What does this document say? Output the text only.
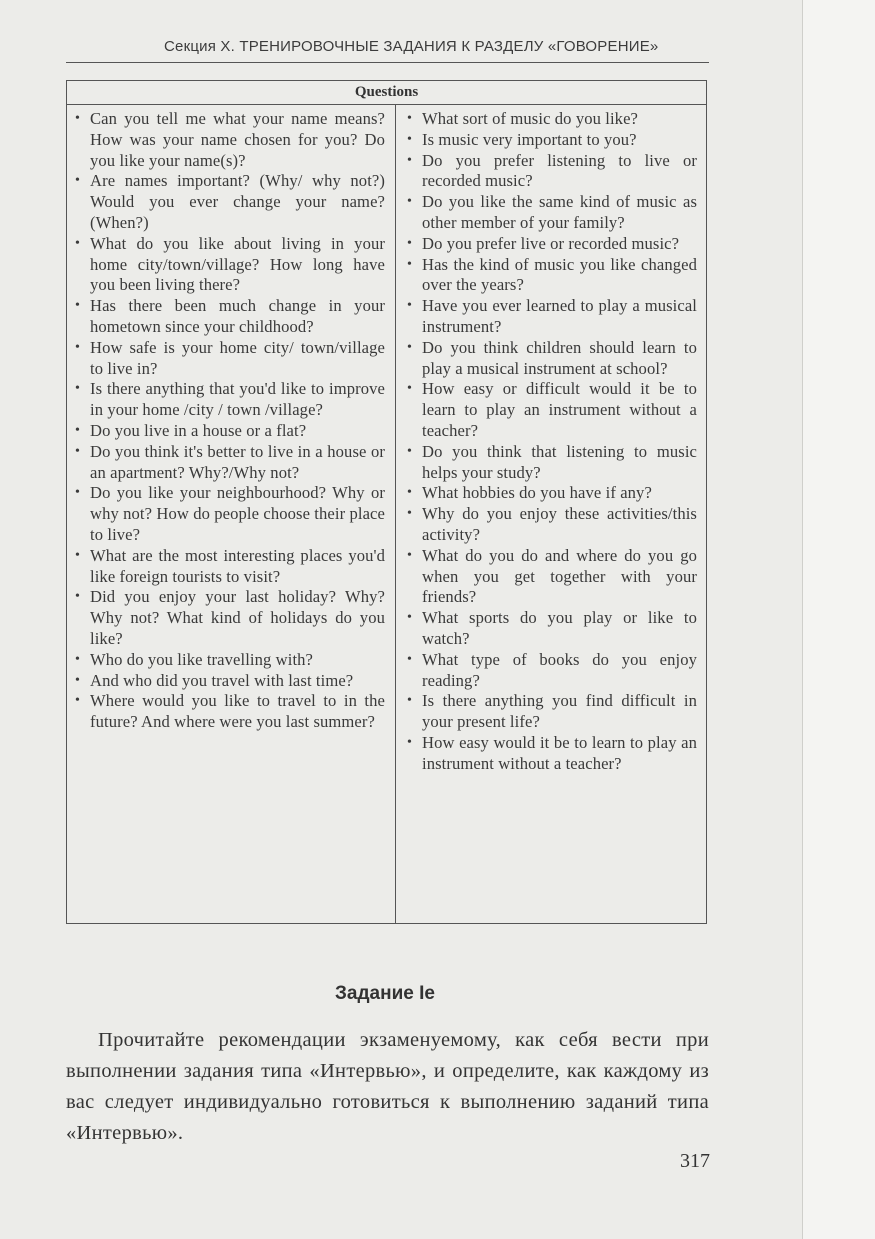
Секция X. ТРЕНИРОВОЧНЫЕ ЗАДАНИЯ К РАЗДЕЛУ «ГОВОРЕНИЕ»
Questions
• Can you tell me what your name means? How was your name chosen for you? Do you like your name(s)?
• Are names important? (Why/ why not?) Would you ever change your name? (When?)
• What do you like about living in your home city/town/village? How long have you been living there?
• Has there been much change in your hometown since your childhood?
• How safe is your home city/ town/village to live in?
• Is there anything that you'd like to improve in your home /city / town /village?
• Do you live in a house or a flat?
• Do you think it's better to live in a house or an apartment? Why?/Why not?
• Do you like your neighbourhood? Why or why not? How do people choose their place to live?
• What are the most interesting places you'd like foreign tourists to visit?
• Did you enjoy your last holiday? Why? Why not? What kind of holidays do you like?
• Who do you like travelling with?
• And who did you travel with last time?
• Where would you like to travel to in the future? And where were you last summer?
• What sort of music do you like?
• Is music very important to you?
• Do you prefer listening to live or recorded music?
• Do you like the same kind of music as other member of your family?
• Do you prefer live or recorded music?
• Has the kind of music you like changed over the years?
• Have you ever learned to play a musical instrument?
• Do you think children should learn to play a musical instrument at school?
• How easy or difficult would it be to learn to play an instrument without a teacher?
• Do you think that listening to music helps your study?
• What hobbies do you have if any?
• Why do you enjoy these activities/this activity?
• What do you do and where do you go when you get together with your friends?
• What sports do you play or like to watch?
• What type of books do you enjoy reading?
• Is there anything you find difficult in your present life?
• How easy would it be to learn to play an instrument without a teacher?
Задание Ie
Прочитайте рекомендации экзаменуемому, как себя вести при выполнении задания типа «Интервью», и определите, как каждому из вас следует индивидуально готовиться к выполнению заданий типа «Интервью».
317
